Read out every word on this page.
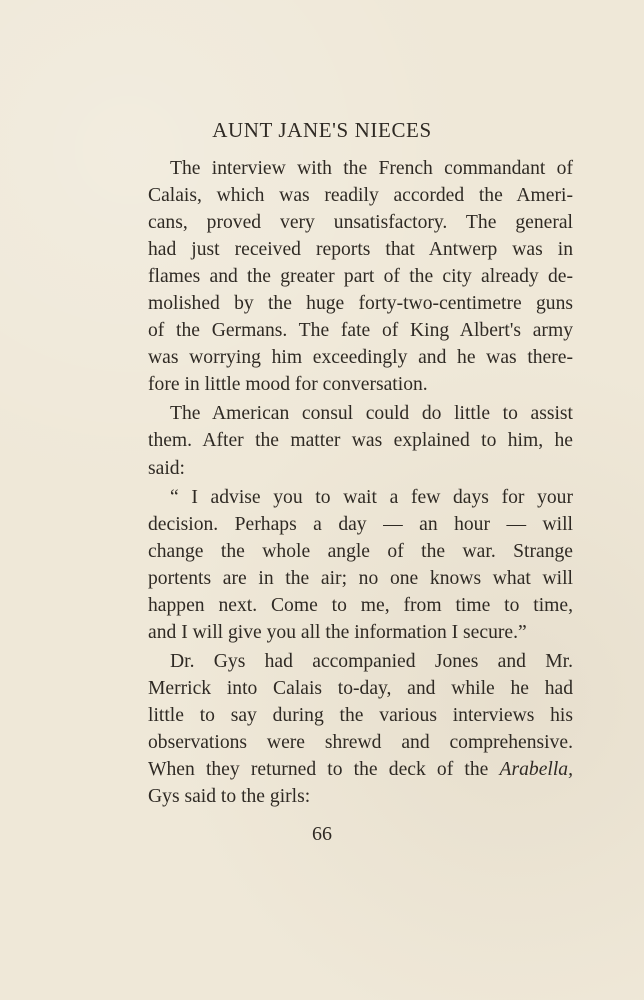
AUNT JANE'S NIECES
The interview with the French commandant of
Calais, which was readily accorded the Ameri-
cans, proved very unsatisfactory. The general
had just received reports that Antwerp was in
flames and the greater part of the city already de-
molished by the huge forty-two-centimetre guns
of the Germans. The fate of King Albert's army
was worrying him exceedingly and he was there-
fore in little mood for conversation.
The American consul could do little to assist
them. After the matter was explained to him, he
said:
“ I advise you to wait a few days for your
decision. Perhaps a day — an hour — will
change the whole angle of the war. Strange
portents are in the air; no one knows what will
happen next. Come to me, from time to time,
and I will give you all the information I secure.”
Dr. Gys had accompanied Jones and Mr.
Merrick into Calais to-day, and while he had
little to say during the various interviews his
observations were shrewd and comprehensive.
When they returned to the deck of the Arabella,
Gys said to the girls:
66
